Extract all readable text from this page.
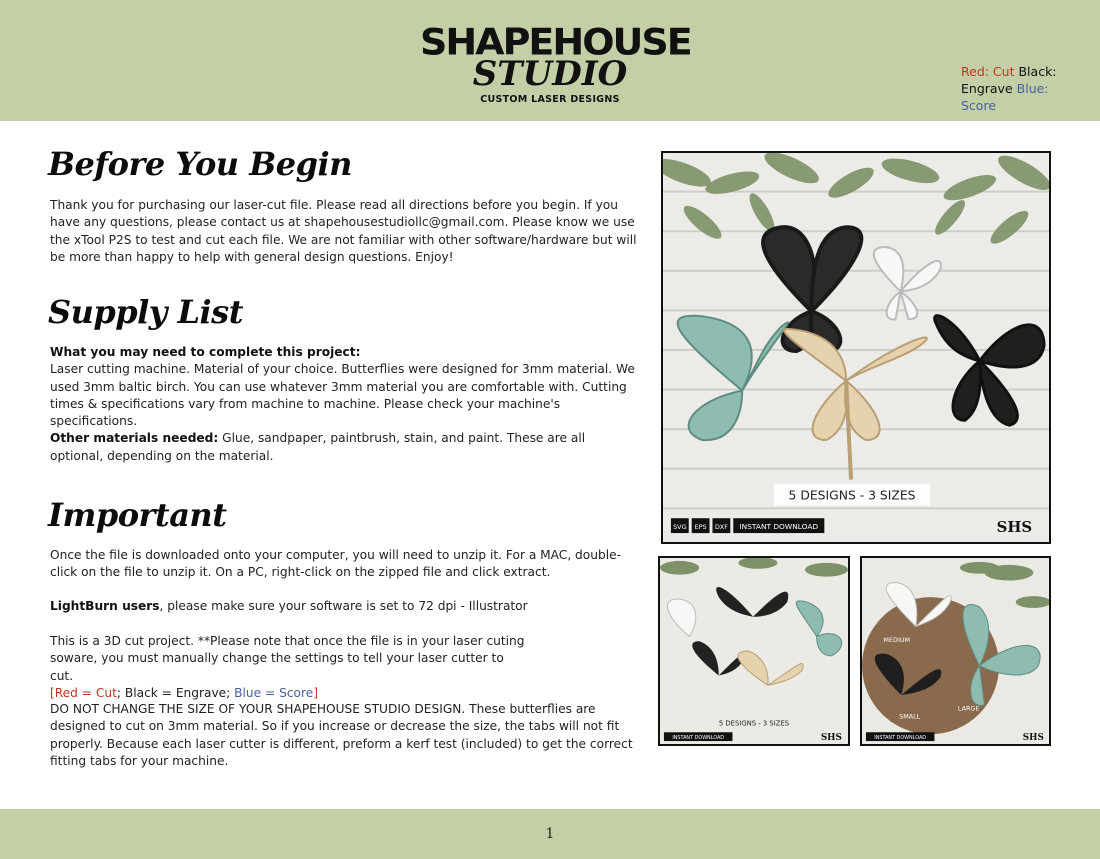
SHAPEHOUSE
STUDIO
CUSTOM LASER DESIGNS
Red: Cut Black: Engrave Blue: Score
Before You Begin
Thank you for purchasing our laser-cut file. Please read all directions before you begin. If you have any questions, please contact us at shapehousestudiollc@gmail.com. Please know we use the xTool P2S to test and cut each file. We are not familiar with other software/hardware but will be more than happy to help with general design questions. Enjoy!
Supply List
What you may need to complete this project:
Laser cutting machine. Material of your choice. Butterflies were designed for 3mm material. We used 3mm baltic birch. You can use whatever 3mm material you are comfortable with. Cutting times & specifications vary from machine to machine. Please check your machine's specifications.
Other materials needed: Glue, sandpaper, paintbrush, stain, and paint. These are all optional, depending on the material.
Important
Once the file is downloaded onto your computer, you will need to unzip it. For a MAC, double-click on the file to unzip it. On a PC, right-click on the zipped file and click extract.
LightBurn users, please make sure your software is set to 72 dpi - Illustrator
This is a 3D cut project. **Please note that once the file is in your laser cuting soware, you must manually change the settings to tell your laser cutter to cut.
[Red = Cut; Black = Engrave; Blue = Score]
DO NOT CHANGE THE SIZE OF YOUR SHAPEHOUSE STUDIO DESIGN. These butterflies are designed to cut on 3mm material. So if you increase or decrease the size, the tabs will not fit properly. Because each laser cutter is different, preform a kerf test (included) to get the correct fitting tabs for your machine.
5 DESIGNS - 3 SIZES
SVG EPS DXF INSTANT DOWNLOAD	SHS
5 DESIGNS - 3 SIZES
INSTANT DOWNLOAD	SHS
MEDIUM
SMALL
LARGE
INSTANT DOWNLOAD	SHS
1
